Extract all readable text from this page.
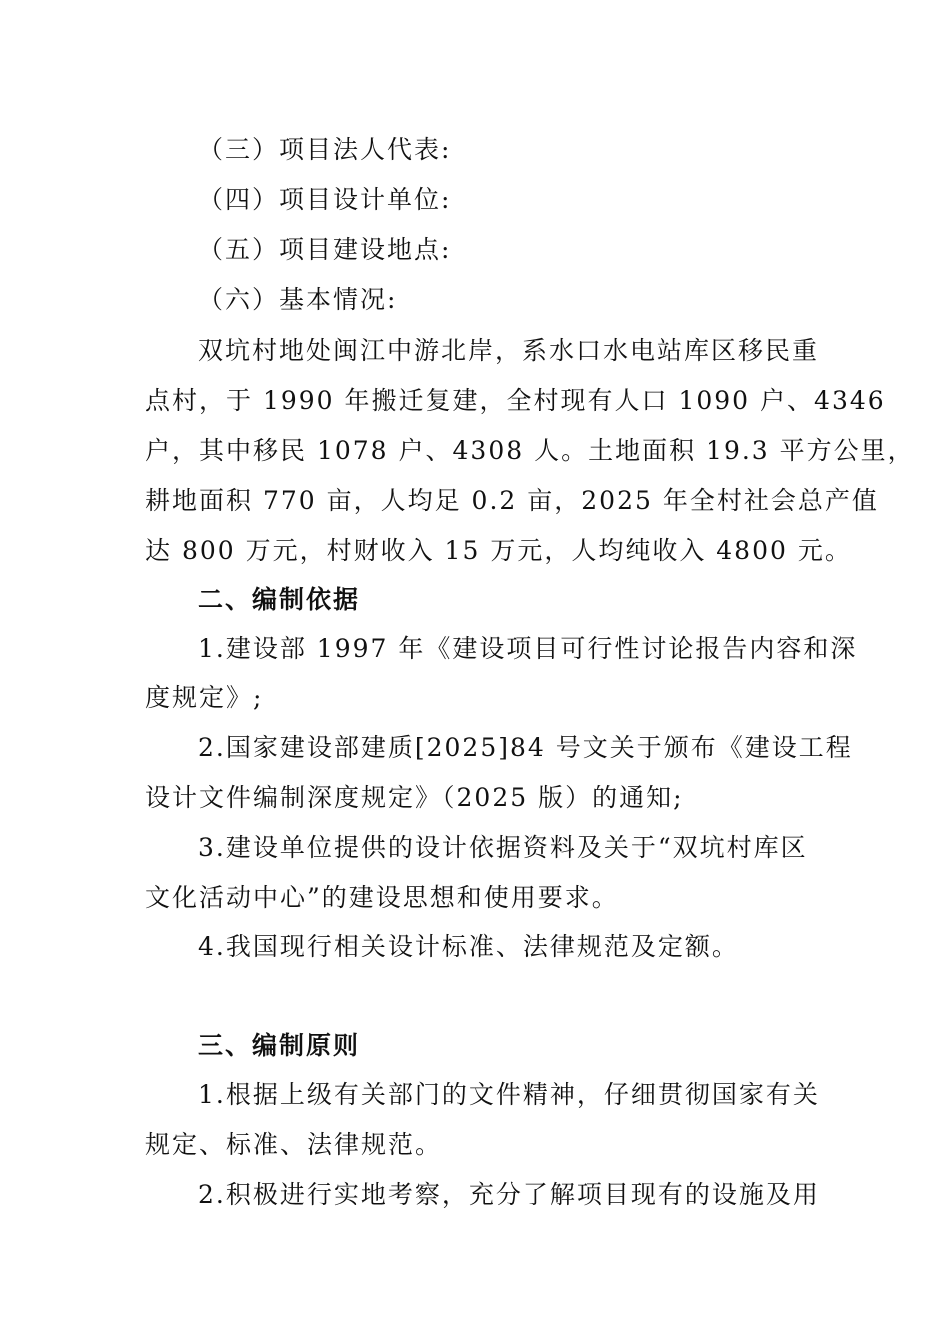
（三）项目法人代表:
（四）项目设计单位:
（五）项目建设地点:
（六）基本情况:
双坑村地处闽江中游北岸，系水口水电站库区移民重
点村，于 1990 年搬迁复建，全村现有人口 1090 户、4346
户，其中移民 1078 户、4308 人。土地面积 19.3 平方公里，
耕地面积 770 亩，人均足 0.2 亩，2025 年全村社会总产值
达 800 万元，村财收入 15 万元，人均纯收入 4800 元。
二、编制依据
1.建设部 1997 年《建设项目可行性讨论报告内容和深
度规定》;
2.国家建设部建质[2025]84 号文关于颁布《建设工程
设计文件编制深度规定》（2025 版）的通知;
3.建设单位提供的设计依据资料及关于“双坑村库区
文化活动中心”的建设思想和使用要求。
4.我国现行相关设计标准、法律规范及定额。
三、编制原则
1.根据上级有关部门的文件精神，仔细贯彻国家有关
规定、标准、法律规范。
2.积极进行实地考察，充分了解项目现有的设施及用
